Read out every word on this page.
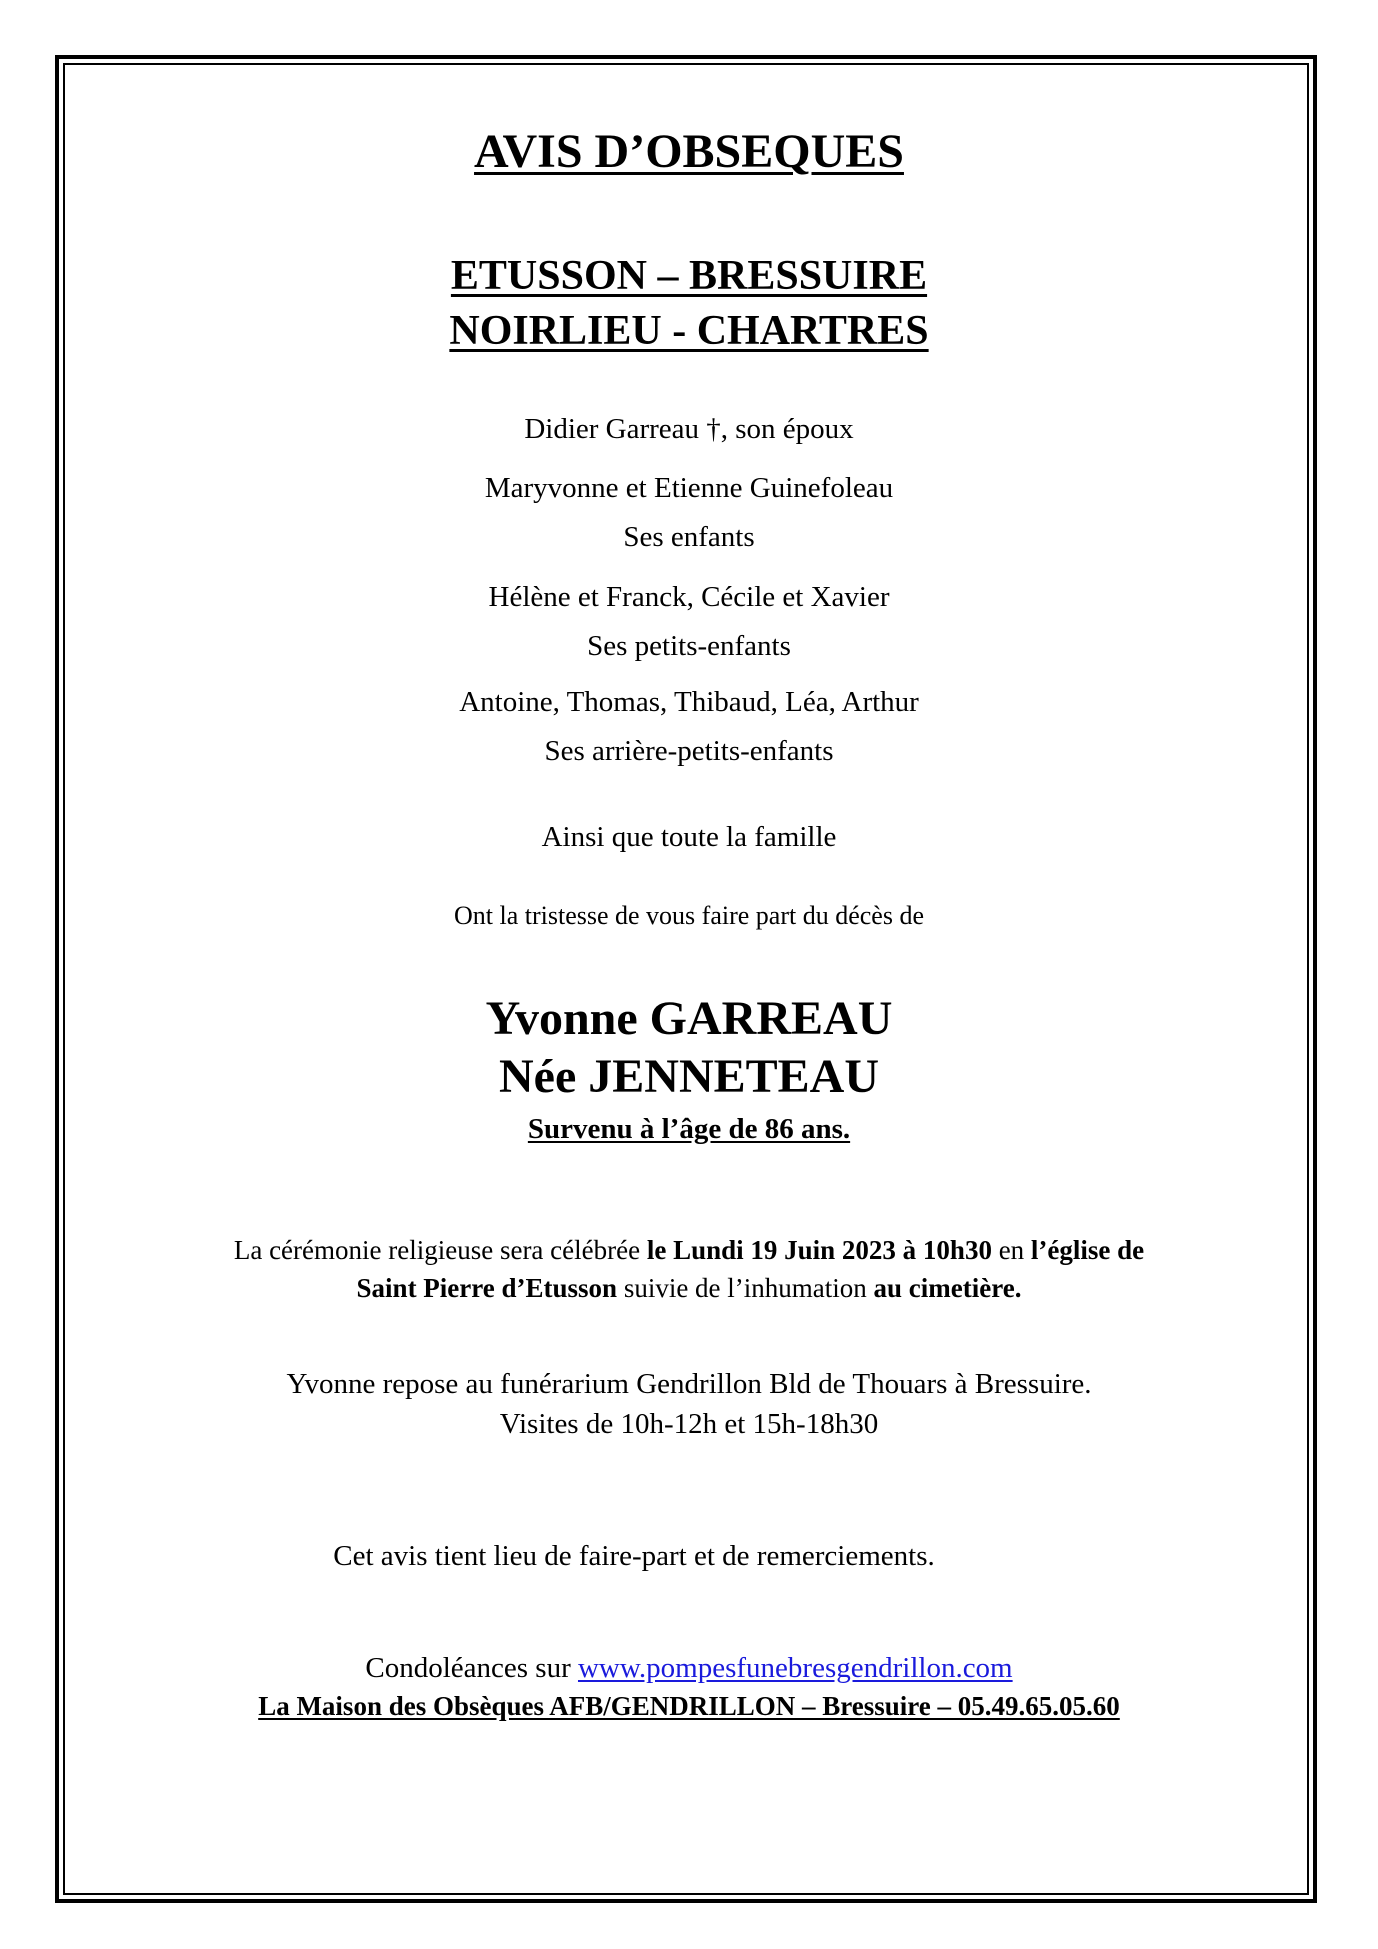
AVIS D’OBSEQUES
ETUSSON – BRESSUIRE
NOIRLIEU - CHARTRES
Didier Garreau †, son époux
Maryvonne et Etienne Guinefoleau
Ses enfants
Hélène et Franck, Cécile et Xavier
Ses petits-enfants
Antoine, Thomas, Thibaud, Léa, Arthur
Ses arrière-petits-enfants
Ainsi que toute la famille
Ont la tristesse de vous faire part du décès de
Yvonne GARREAU
Née JENNETEAU
Survenu à l’âge de 86 ans.
La cérémonie religieuse sera célébrée le Lundi 19 Juin 2023 à 10h30 en l’église de
Saint Pierre d’Etusson suivie de l’inhumation au cimetière.
Yvonne repose au funérarium Gendrillon Bld de Thouars à Bressuire.
Visites de 10h-12h et 15h-18h30
Cet avis tient lieu de faire-part et de remerciements.
Condoléances sur www.pompesfunebresgendrillon.com
La Maison des Obsèques AFB/GENDRILLON – Bressuire – 05.49.65.05.60
